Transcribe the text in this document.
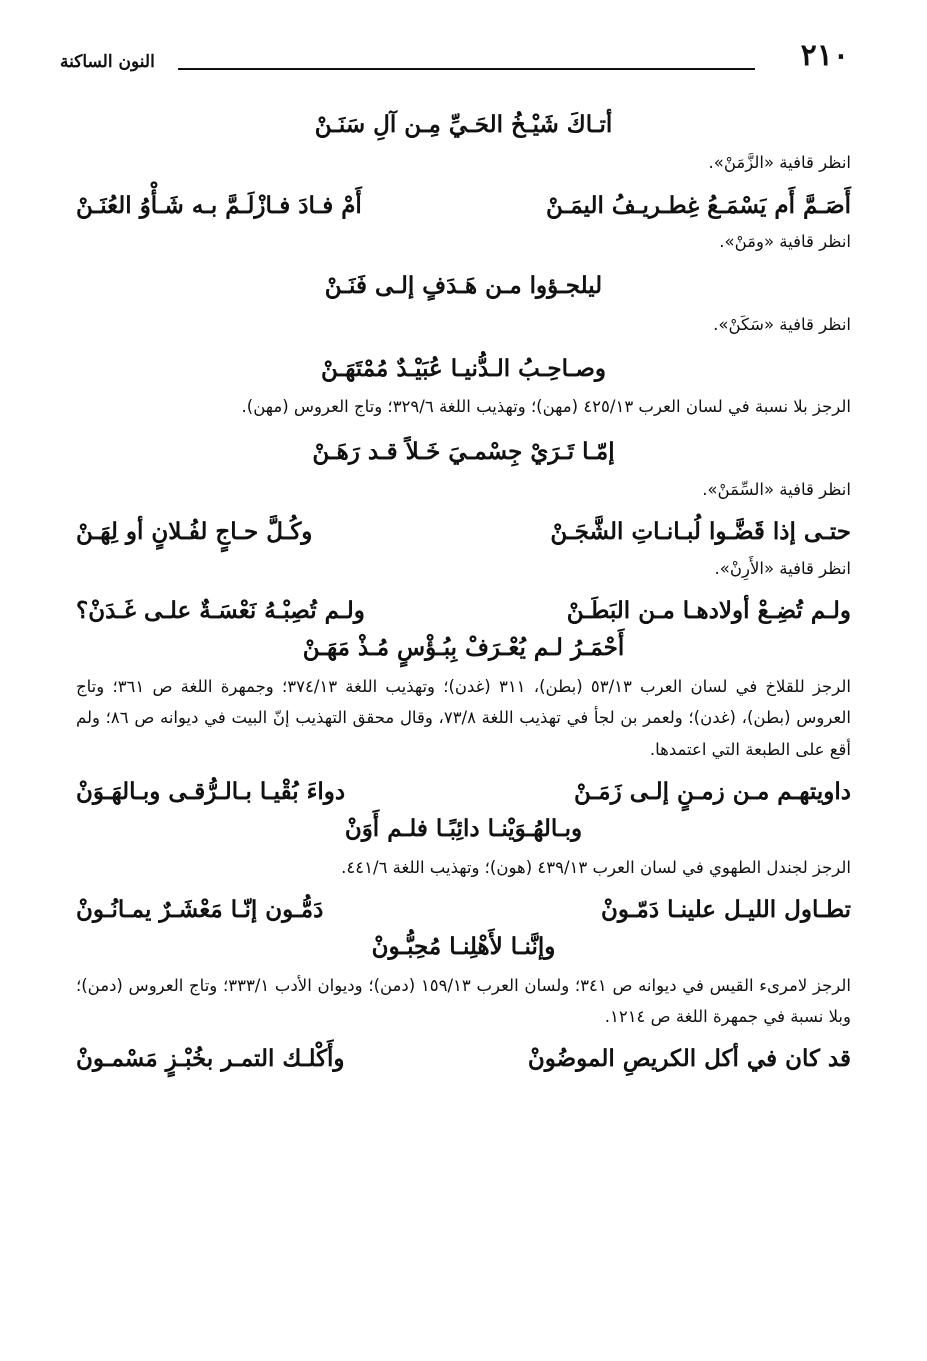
٢١٠
النون الساكنة
أتـاكَ شَيْـخُ الحَـيِّ مِـن آلِ سَنَـنْ

انظر قافية «الزَّمَنْ».

أَصَـمَّ أَم يَسْمَـعُ غِطـريـفُ اليمَـنْ
أَمْ فـادَ فـازْلَـمَّ بـه شَـأْوُ العُنَـنْ

انظر قافية «ومَنْ».

ليلجـؤوا مـن هَـدَفٍ إلـى فَنَـنْ

انظر قافية «سَكَنْ».

وصـاحِـبُ الـدُّنيـا عُبَيْـدٌ مُمْتَهَـنْ

الرجز بلا نسبة في لسان العرب ٤٢٥/١٣ (مهن)؛ وتهذيب اللغة ٣٢٩/٦؛ وتاج العروس (مهن).

إمّـا تَـرَيْ جِسْمـيَ خَـلاً قـد رَهَـنْ

انظر قافية «السِّمَنْ».

حتـى إذا قَضَّـوا لُبـانـاتِ الشَّجَـنْ
وكُـلَّ حـاجٍ لفُـلانٍ أو لِهَـنْ

انظر قافية «الأَرِنْ».

ولـم تُضِـعْ أولادهـا مـن البَطَـنْ
ولـم تُصِبْـهُ نَعْسَـةٌ علـى غَـدَنْ؟
أَحْمَـرُ لـم يُعْـرَفْ بِبُـؤْسٍ مُـذْ مَهَـنْ

الرجز للقلاخ في لسان العرب ٥٣/١٣ (بطن)، ٣١١ (غدن)؛ وتهذيب اللغة ٣٧٤/١٣؛ وجمهرة اللغة ص ٣٦١؛ وتاج العروس (بطن)، (غدن)؛ ولعمر بن لجأ في تهذيب اللغة ٧٣/٨، وقال محقق التهذيب إنّ البيت في ديوانه ص ٨٦؛ ولم أقع على الطبعة التي اعتمدها.

داويتهـم مـن زمـنٍ إلـى زَمَـنْ
دواءَ بُقْيـا بـالـرُّقـى وبـالهَـوَنْ
وبـالهُـوَيْنـا دائِبًـا فلـم أَوَنْ

الرجز لجندل الطهوي في لسان العرب ٤٣٩/١٣ (هون)؛ وتهذيب اللغة ٤٤١/٦.

تطـاول الليـل علينـا دَمّـونْ
دَمُّـون إنّـا مَعْشَـرٌ يمـانُـونْ
وإنَّنـا لأَهْلِنـا مُحِبُّـونْ

الرجز لامرىء القيس في ديوانه ص ٣٤١؛ ولسان العرب ١٥٩/١٣ (دمن)؛ وديوان الأدب ٣٣٣/١؛ وتاج العروس (دمن)؛ وبلا نسبة في جمهرة اللغة ص ١٢١٤.

قد كان في أكل الكريصِ الموضُونْ
وأَكْلـك التمـر بخُبْـزٍ مَسْمـونْ
